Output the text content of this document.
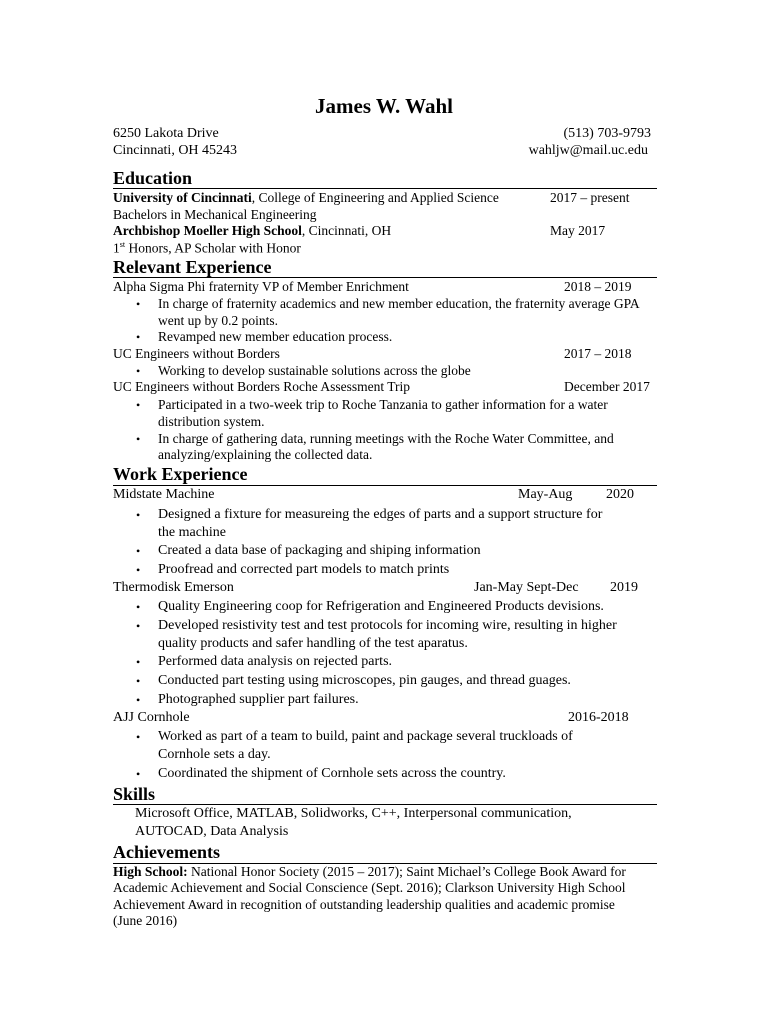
James W. Wahl
6250 Lakota Drive
Cincinnati, OH 45243
(513) 703-9793
wahljw@mail.uc.edu
Education
University of Cincinnati, College of Engineering and Applied Science	2017 – present
Bachelors in Mechanical Engineering
Archbishop Moeller High School, Cincinnati, OH	May 2017
1st Honors, AP Scholar with Honor
Relevant Experience
Alpha Sigma Phi fraternity VP of Member Enrichment	2018 – 2019
• In charge of fraternity academics and new member education, the fraternity average GPA
went up by 0.2 points.
• Revamped new member education process.
UC Engineers without Borders	2017 – 2018
• Working to develop sustainable solutions across the globe
UC Engineers without Borders Roche Assessment Trip	December 2017
• Participated in a two-week trip to Roche Tanzania to gather information for a water
distribution system.
• In charge of gathering data, running meetings with the Roche Water Committee, and
analyzing/explaining the collected data.
Work Experience
Midstate Machine	May-Aug 2020
• Designed a fixture for measureing the edges of parts and a support structure for
the machine
• Created a data base of packaging and shiping information
• Proofread and corrected part models to match prints
Thermodisk Emerson	Jan-May Sept-Dec 2019
• Quality Engineering coop for Refrigeration and Engineered Products devisions.
• Developed resistivity test and test protocols for incoming wire, resulting in higher
quality products and safer handling of the test aparatus.
• Performed data analysis on rejected parts.
• Conducted part testing using microscopes, pin gauges, and thread guages.
• Photographed supplier part failures.
AJJ Cornhole	2016-2018
• Worked as part of a team to build, paint and package several truckloads of
Cornhole sets a day.
• Coordinated the shipment of Cornhole sets across the country.
Skills
Microsoft Office, MATLAB, Solidworks, C++, Interpersonal communication,
AUTOCAD, Data Analysis
Achievements
High School: National Honor Society (2015 – 2017); Saint Michael’s College Book Award for
Academic Achievement and Social Conscience (Sept. 2016); Clarkson University High School
Achievement Award in recognition of outstanding leadership qualities and academic promise
(June 2016)
